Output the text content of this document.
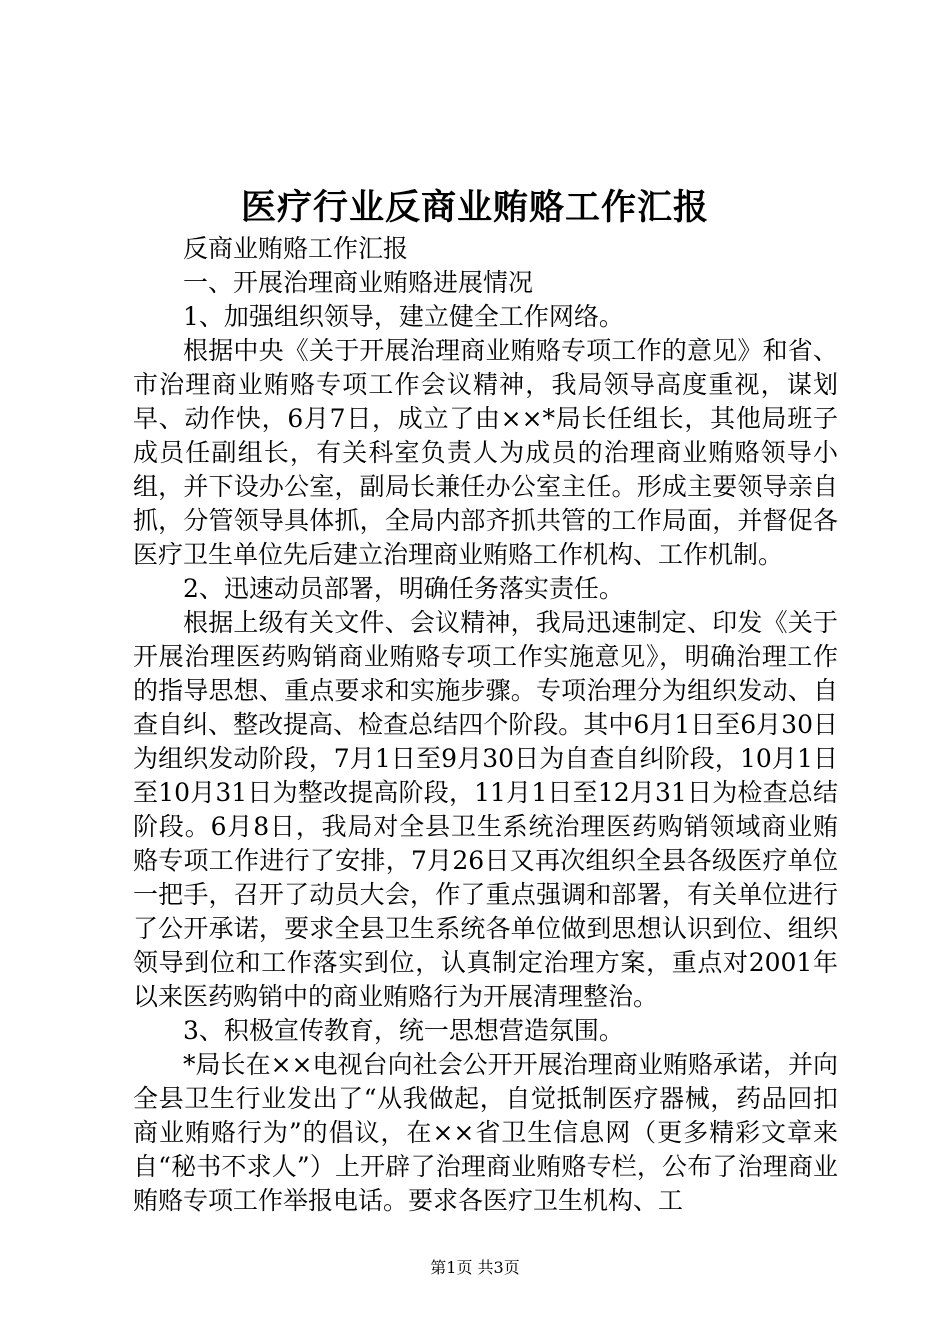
医疗行业反商业贿赂工作汇报

反商业贿赂工作汇报

一、开展治理商业贿赂进展情况

1、加强组织领导，建立健全工作网络。

根据中央《关于开展治理商业贿赂专项工作的意见》和省、市治理商业贿赂专项工作会议精神，我局领导高度重视，谋划早、动作快，6月7日，成立了由××*局长任组长，其他局班子成员任副组长，有关科室负责人为成员的治理商业贿赂领导小组，并下设办公室，副局长兼任办公室主任。形成主要领导亲自抓，分管领导具体抓，全局内部齐抓共管的工作局面，并督促各医疗卫生单位先后建立治理商业贿赂工作机构、工作机制。

2、迅速动员部署，明确任务落实责任。

根据上级有关文件、会议精神，我局迅速制定、印发《关于开展治理医药购销商业贿赂专项工作实施意见》，明确治理工作的指导思想、重点要求和实施步骤。专项治理分为组织发动、自查自纠、整改提高、检查总结四个阶段。其中6月1日至6月30日为组织发动阶段，7月1日至9月30日为自查自纠阶段，10月1日至10月31日为整改提高阶段，11月1日至12月31日为检查总结阶段。6月8日，我局对全县卫生系统治理医药购销领域商业贿赂专项工作进行了安排，7月26日又再次组织全县各级医疗单位一把手，召开了动员大会，作了重点强调和部署，有关单位进行了公开承诺，要求全县卫生系统各单位做到思想认识到位、组织领导到位和工作落实到位，认真制定治理方案，重点对2001年以来医药购销中的商业贿赂行为开展清理整治。

3、积极宣传教育，统一思想营造氛围。

*局长在××电视台向社会公开开展治理商业贿赂承诺，并向全县卫生行业发出了“从我做起，自觉抵制医疗器械，药品回扣商业贿赂行为”的倡议，在××省卫生信息网（更多精彩文章来自“秘书不求人”）上开辟了治理商业贿赂专栏，公布了治理商业贿赂专项工作举报电话。要求各医疗卫生机构、工

第1页 共3页
